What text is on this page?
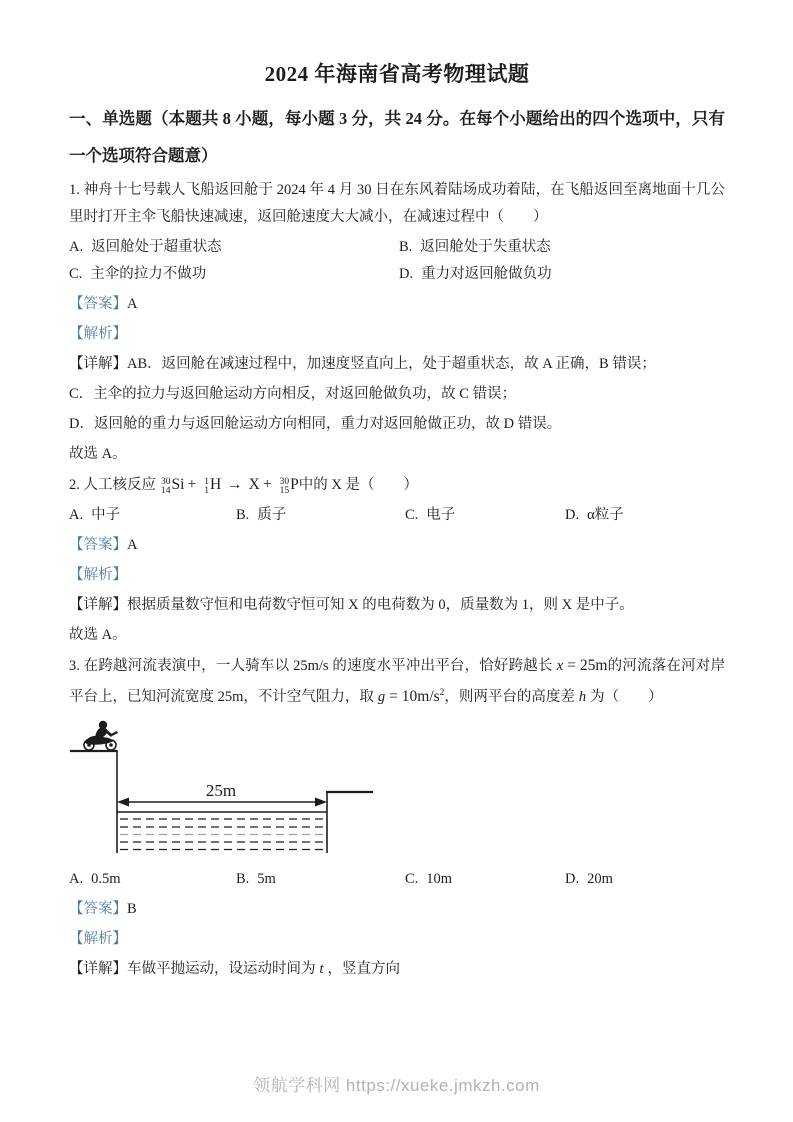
2024 年海南省高考物理试题

一、单选题（本题共 8 小题，每小题 3 分，共 24 分。在每个小题给出的四个选项中，只有一个选项符合题意）

1. 神舟十七号载人飞船返回舱于 2024 年 4 月 30 日在东风着陆场成功着陆，在飞船返回至离地面十几公里时打开主伞飞船快速减速，返回舱速度大大减小，在减速过程中（　　）

A. 返回舱处于超重状态	B. 返回舱处于失重状态
C. 主伞的拉力不做功	D. 重力对返回舱做负功

【答案】A

【解析】

【详解】AB．返回舱在减速过程中，加速度竖直向上，处于超重状态，故 A 正确，B 错误；

C．主伞的拉力与返回舱运动方向相反，对返回舱做负功，故 C 错误；

D．返回舱的重力与返回舱运动方向相同，重力对返回舱做正功，故 D 错误。

故选 A。

2. 人工核反应 30
14 Si + 1
1 H → X + 30
15 P中的 X 是（　　）

A. 中子	B. 质子	C. 电子	D. α粒子

【答案】A

【解析】

【详解】根据质量数守恒和电荷数守恒可知 X 的电荷数为 0，质量数为 1，则 X 是中子。

故选 A。

3. 在跨越河流表演中，一人骑车以 25m/s 的速度水平冲出平台，恰好跨越长 x = 25m的河流落在河对岸平台上，已知河流宽度 25m，不计空气阻力，取 $g = 10m/s^2$，则两平台的高度差 h 为（　　）

25m
A. 0.5m	B. 5m	C. 10m	D. 20m

【答案】B

【解析】

【详解】车做平抛运动，设运动时间为 t ，竖直方向

领航学科网 https://xueke.jmkzh.com
